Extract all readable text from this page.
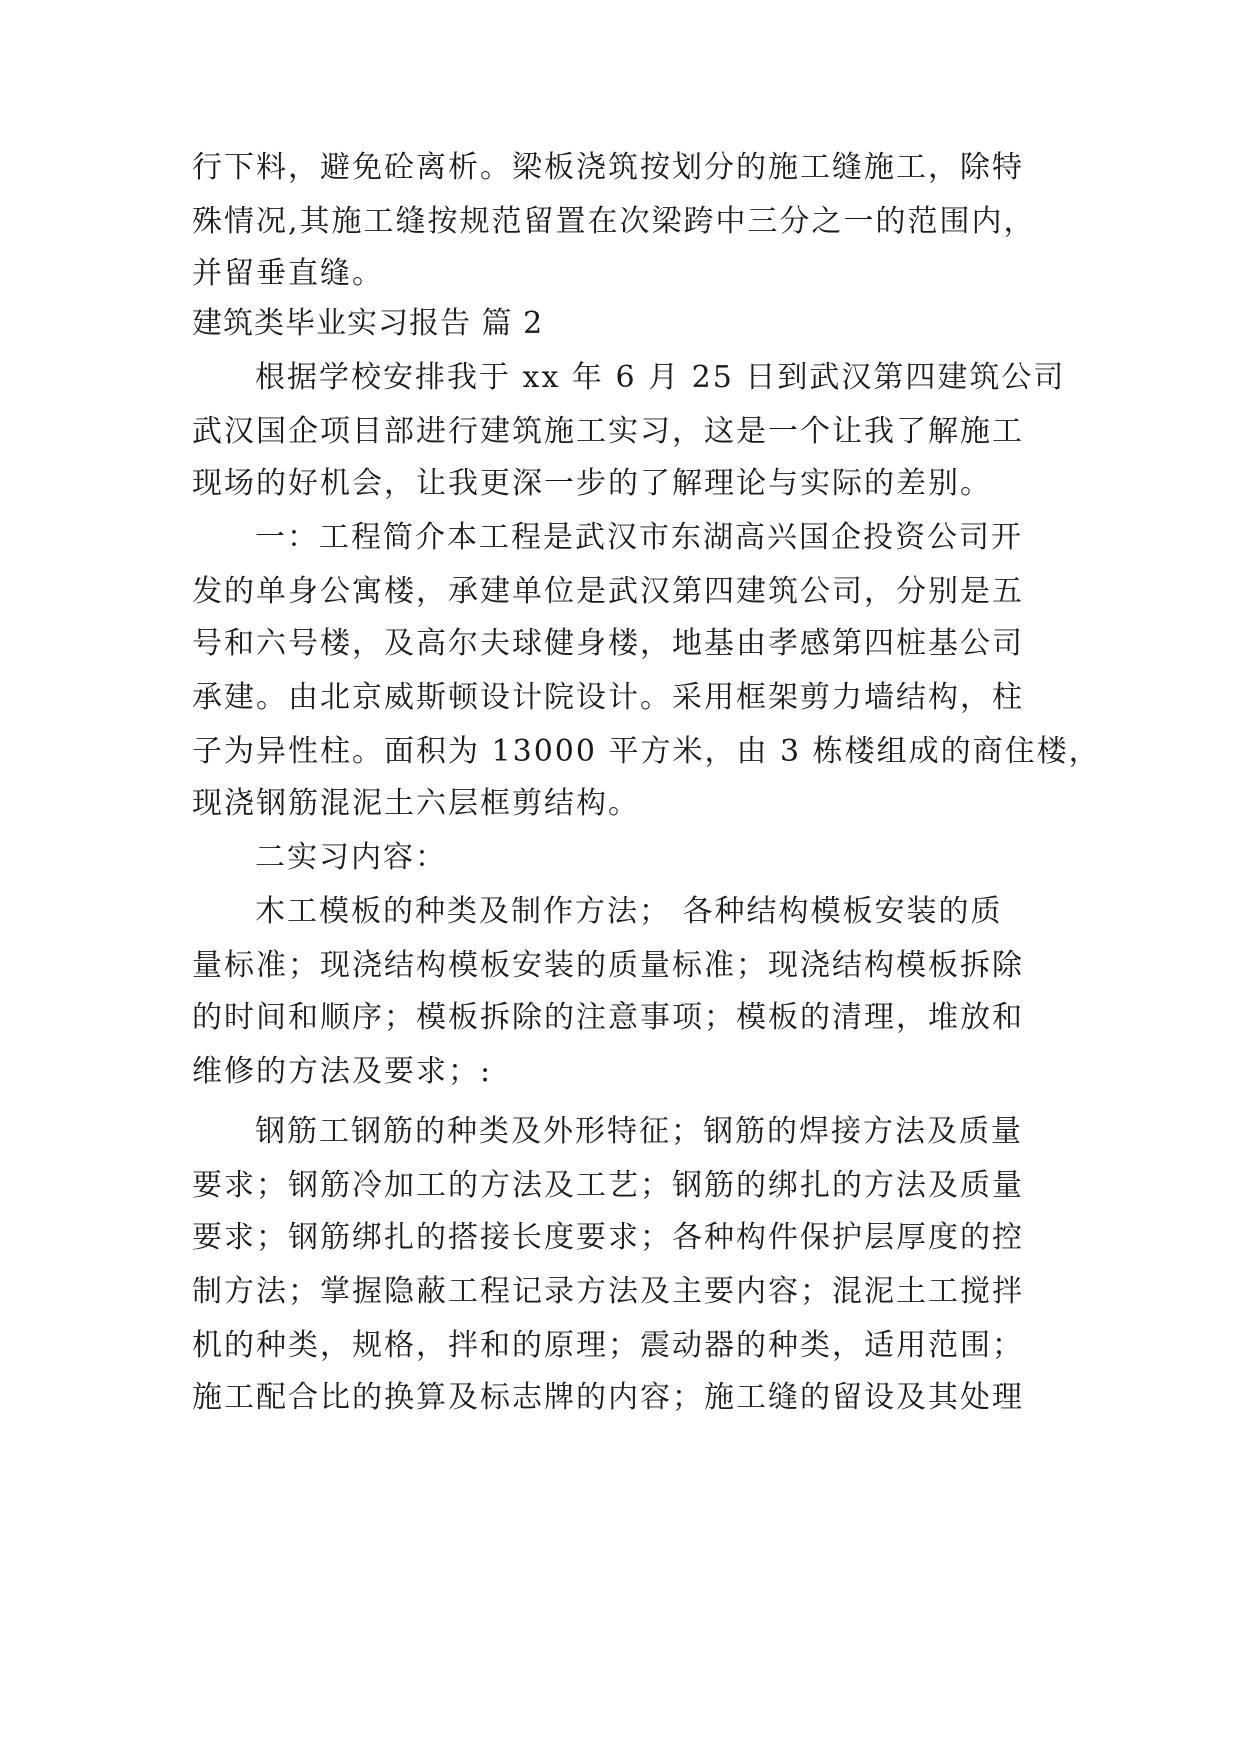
行下料，避免砼离析。梁板浇筑按划分的施工缝施工，除特
殊情况,其施工缝按规范留置在次梁跨中三分之一的范围内，
并留垂直缝。
建筑类毕业实习报告 篇 2
根据学校安排我于 xx 年 6 月 25 日到武汉第四建筑公司
武汉国企项目部进行建筑施工实习，这是一个让我了解施工
现场的好机会，让我更深一步的了解理论与实际的差别。
一：工程简介本工程是武汉市东湖高兴国企投资公司开
发的单身公寓楼，承建单位是武汉第四建筑公司，分别是五
号和六号楼，及高尔夫球健身楼，地基由孝感第四桩基公司
承建。由北京威斯顿设计院设计。采用框架剪力墙结构，柱
子为异性柱。面积为 13000 平方米，由 3 栋楼组成的商住楼，
现浇钢筋混泥土六层框剪结构。
二实习内容：
木工模板的种类及制作方法； 各种结构模板安装的质
量标准；现浇结构模板安装的质量标准；现浇结构模板拆除
的时间和顺序；模板拆除的注意事项；模板的清理，堆放和
维修的方法及要求；:
钢筋工钢筋的种类及外形特征；钢筋的焊接方法及质量
要求；钢筋冷加工的方法及工艺；钢筋的绑扎的方法及质量
要求；钢筋绑扎的搭接长度要求；各种构件保护层厚度的控
制方法；掌握隐蔽工程记录方法及主要内容；混泥土工搅拌
机的种类，规格，拌和的原理；震动器的种类，适用范围；
施工配合比的换算及标志牌的内容；施工缝的留设及其处理
